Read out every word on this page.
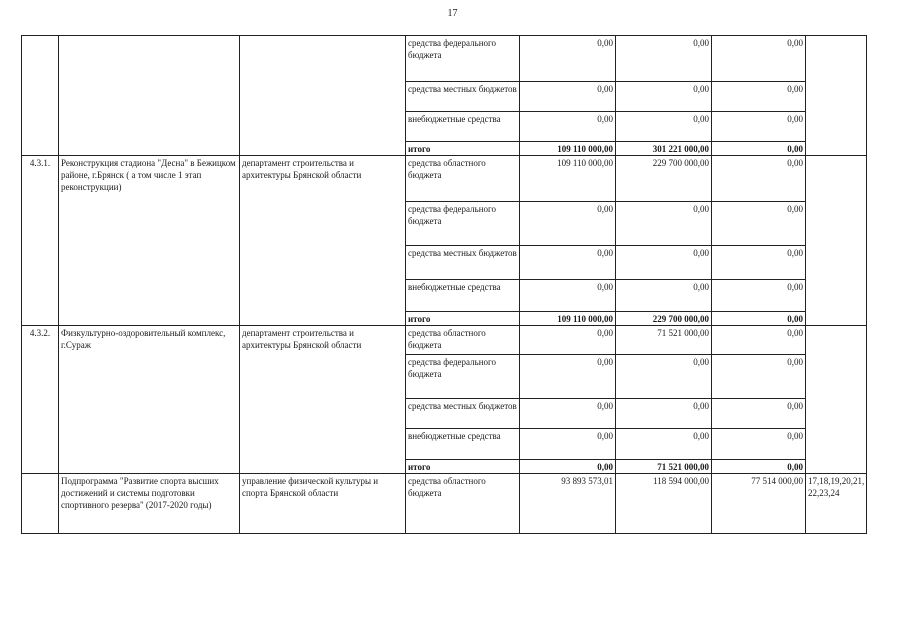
17
			средства федерального бюджета	0,00	0,00	0,00	
			средства местных бюджетов	0,00	0,00	0,00	
			внебюджетные средства	0,00	0,00	0,00	
			итого	109 110 000,00	301 221 000,00	0,00	
4.3.1.	Реконструкция стадиона "Десна" в Бежицком районе, г.Брянск ( а том числе 1 этап реконструкции)	департамент строительства и архитектуры Брянской области	средства областного бюджета	109 110 000,00	229 700 000,00	0,00	
			средства федерального бюджета	0,00	0,00	0,00	
			средства местных бюджетов	0,00	0,00	0,00	
			внебюджетные средства	0,00	0,00	0,00	
			итого	109 110 000,00	229 700 000,00	0,00	
4.3.2.	Физкультурно-оздоровительный комплекс, г.Сураж	департамент строительства и архитектуры Брянской области	средства областного бюджета	0,00	71 521 000,00	0,00	
			средства федерального бюджета	0,00	0,00	0,00	
			средства местных бюджетов	0,00	0,00	0,00	
			внебюджетные средства	0,00	0,00	0,00	
			итого	0,00	71 521 000,00	0,00	
	Подпрограмма "Развитие спорта высших достижений и системы подготовки спортивного резерва" (2017-2020 годы)	управление физической культуры и спорта Брянской области	средства областного бюджета	93 893 573,01	118 594 000,00	77 514 000,00	17,18,19,20,21, 22,23,24
